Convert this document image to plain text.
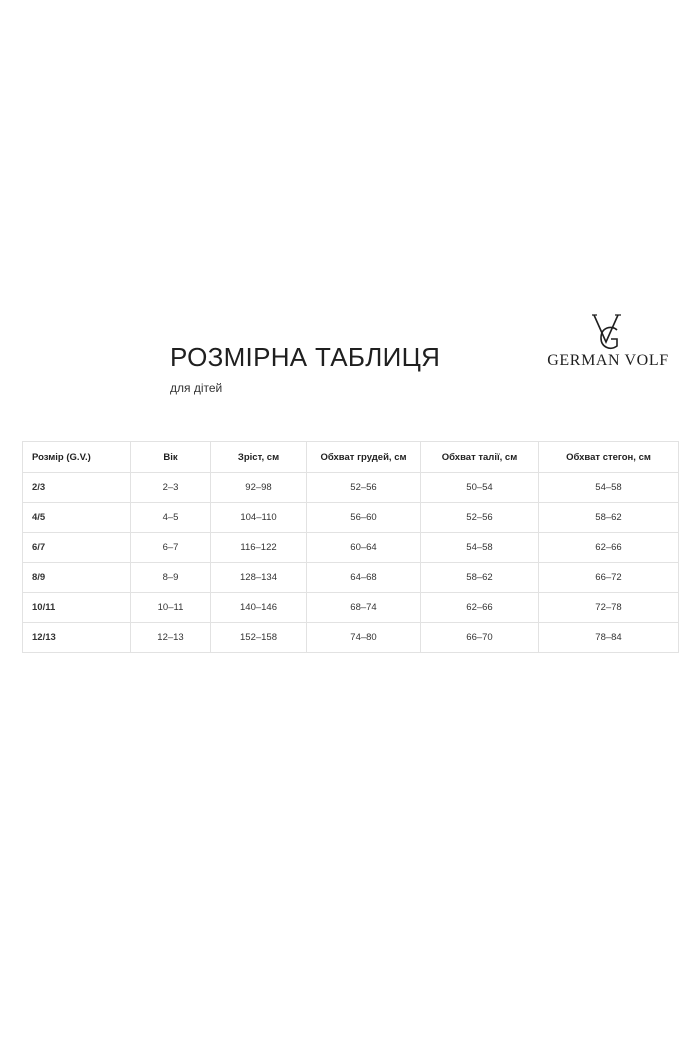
РОЗМІРНА ТАБЛИЦЯ
для дітей
GERMAN VOLF
Розмір (G.V.)	Вік	Зріст, см	Обхват грудей, см	Обхват талії, см	Обхват стегон, см
2/3	2–3	92–98	52–56	50–54	54–58
4/5	4–5	104–110	56–60	52–56	58–62
6/7	6–7	116–122	60–64	54–58	62–66
8/9	8–9	128–134	64–68	58–62	66–72
10/11	10–11	140–146	68–74	62–66	72–78
12/13	12–13	152–158	74–80	66–70	78–84
